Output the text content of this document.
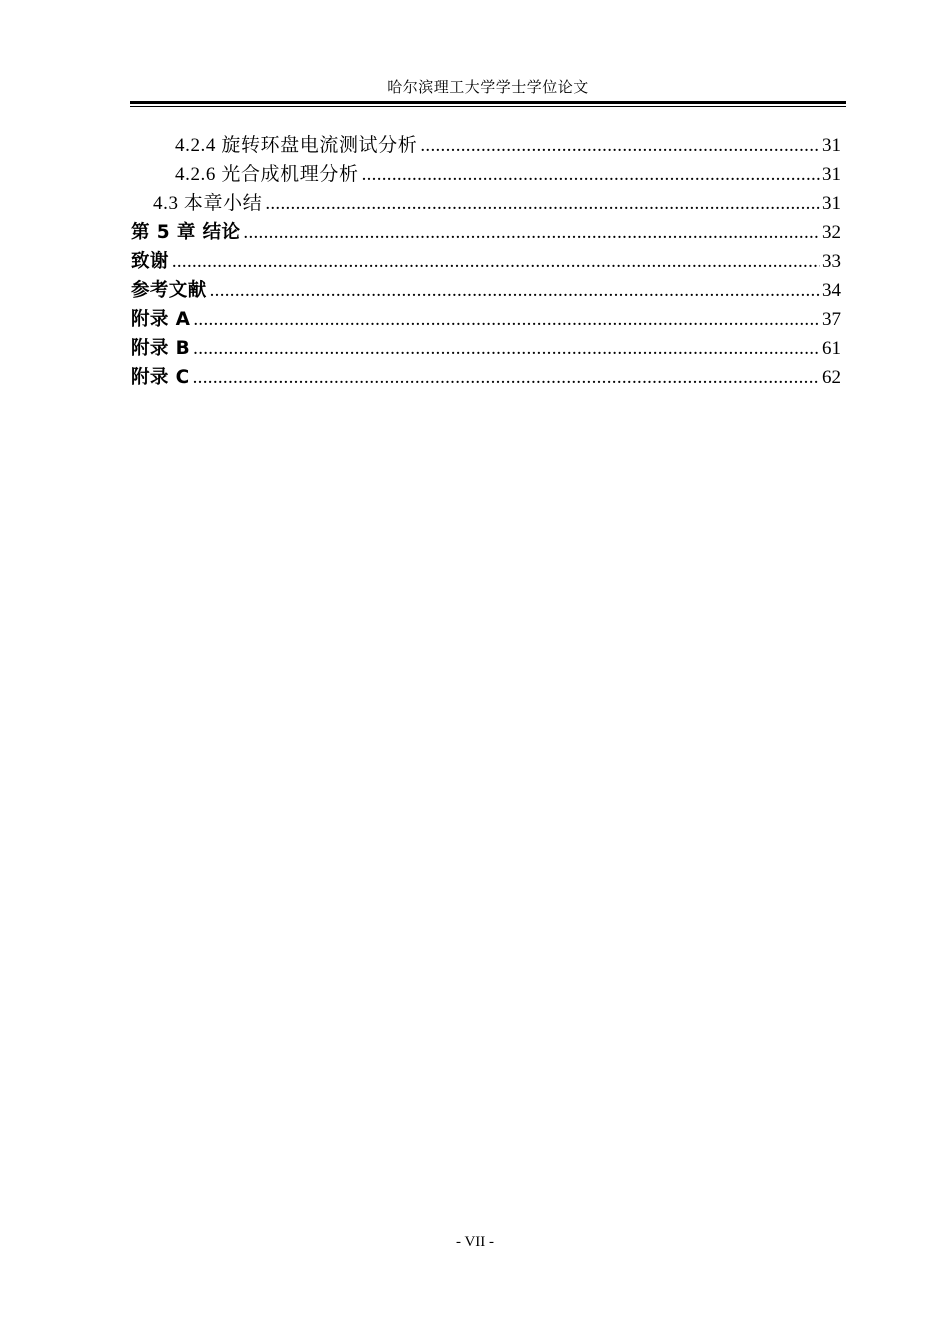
哈尔滨理工大学学士学位论文
4.2.4 旋转环盘电流测试分析 .....	31
4.2.6 光合成机理分析 .....	31
4.3 本章小结 .....	31
第 5 章 结论 .....	32
致谢 .....	33
参考文献 .....	34
附录 A .....	37
附录 B .....	61
附录 C .....	62
- VII -
